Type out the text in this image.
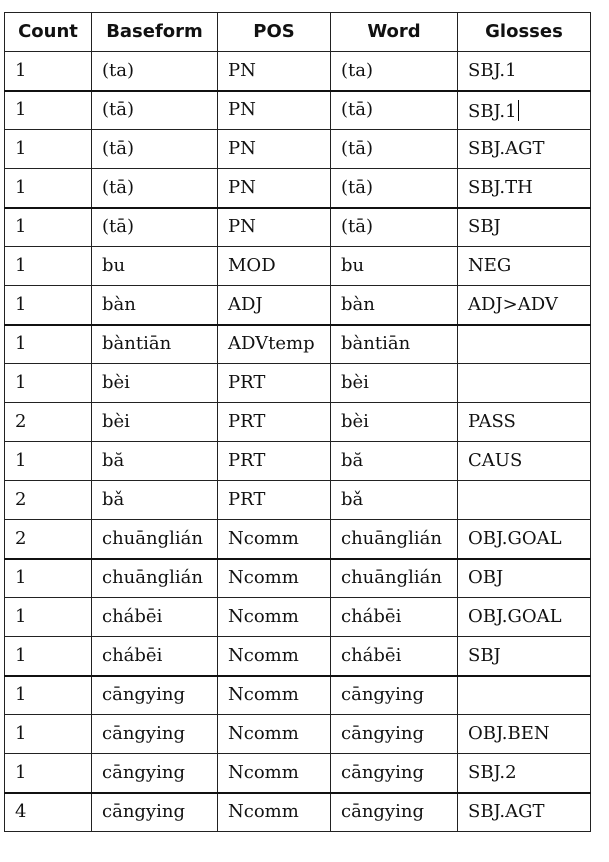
Count	Baseform	POS	Word	Glosses
1	(ta)	PN	(ta)	SBJ.1
1	(tā)	PN	(tā)	SBJ.1
1	(tā)	PN	(tā)	SBJ.AGT
1	(tā)	PN	(tā)	SBJ.TH
1	(tā)	PN	(tā)	SBJ
1	bu	MOD	bu	NEG
1	bàn	ADJ	bàn	ADJ>ADV
1	bàntiān	ADVtemp	bàntiān	
1	bèi	PRT	bèi	
2	bèi	PRT	bèi	PASS
1	bă	PRT	bă	CAUS
2	bǎ	PRT	bǎ	
2	chuānglián	Ncomm	chuānglián	OBJ.GOAL
1	chuānglián	Ncomm	chuānglián	OBJ
1	chábēi	Ncomm	chábēi	OBJ.GOAL
1	chábēi	Ncomm	chábēi	SBJ
1	cāngying	Ncomm	cāngying	
1	cāngying	Ncomm	cāngying	OBJ.BEN
1	cāngying	Ncomm	cāngying	SBJ.2
4	cāngying	Ncomm	cāngying	SBJ.AGT
